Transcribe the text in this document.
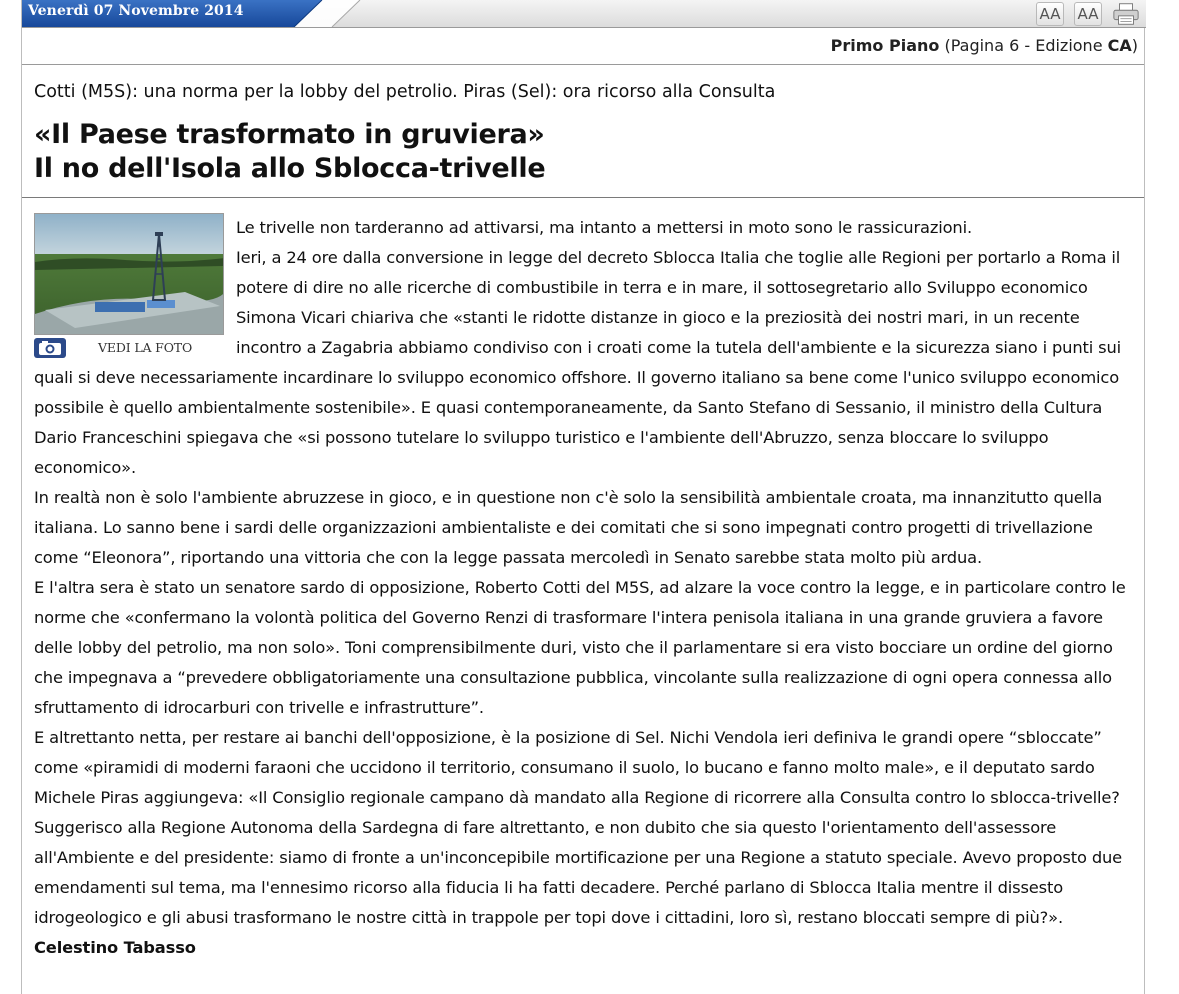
Venerdì 07 Novembre 2014	AA AA
Primo Piano (Pagina 6 - Edizione CA)
Cotti (M5S): una norma per la lobby del petrolio. Piras (Sel): ora ricorso alla Consulta
«Il Paese trasformato in gruviera»
Il no dell'Isola allo Sblocca-trivelle
VEDI LA FOTO

Le trivelle non tarderanno ad attivarsi, ma intanto a mettersi in moto sono le rassicurazioni.

Ieri, a 24 ore dalla conversione in legge del decreto Sblocca Italia che toglie alle Regioni per portarlo a Roma il potere di dire no alle ricerche di combustibile in terra e in mare, il sottosegretario allo Sviluppo economico Simona Vicari chiariva che «stanti le ridotte distanze in gioco e la preziosità dei nostri mari, in un recente incontro a Zagabria abbiamo condiviso con i croati come la tutela dell'ambiente e la sicurezza siano i punti sui quali si deve necessariamente incardinare lo sviluppo economico offshore. Il governo italiano sa bene come l'unico sviluppo economico possibile è quello ambientalmente sostenibile». E quasi contemporaneamente, da Santo Stefano di Sessanio, il ministro della Cultura Dario Franceschini spiegava che «si possono tutelare lo sviluppo turistico e l'ambiente dell'Abruzzo, senza bloccare lo sviluppo economico».

In realtà non è solo l'ambiente abruzzese in gioco, e in questione non c'è solo la sensibilità ambientale croata, ma innanzitutto quella italiana. Lo sanno bene i sardi delle organizzazioni ambientaliste e dei comitati che si sono impegnati contro progetti di trivellazione come “Eleonora”, riportando una vittoria che con la legge passata mercoledì in Senato sarebbe stata molto più ardua.

E l'altra sera è stato un senatore sardo di opposizione, Roberto Cotti del M5S, ad alzare la voce contro la legge, e in particolare contro le norme che «confermano la volontà politica del Governo Renzi di trasformare l'intera penisola italiana in una grande gruviera a favore delle lobby del petrolio, ma non solo». Toni comprensibilmente duri, visto che il parlamentare si era visto bocciare un ordine del giorno che impegnava a “prevedere obbligatoriamente una consultazione pubblica, vincolante sulla realizzazione di ogni opera connessa allo sfruttamento di idrocarburi con trivelle e infrastrutture”.

E altrettanto netta, per restare ai banchi dell'opposizione, è la posizione di Sel. Nichi Vendola ieri definiva le grandi opere “sbloccate” come «piramidi di moderni faraoni che uccidono il territorio, consumano il suolo, lo bucano e fanno molto male», e il deputato sardo Michele Piras aggiungeva: «Il Consiglio regionale campano dà mandato alla Regione di ricorrere alla Consulta contro lo sblocca-trivelle? Suggerisco alla Regione Autonoma della Sardegna di fare altrettanto, e non dubito che sia questo l'orientamento dell'assessore all'Ambiente e del presidente: siamo di fronte a un'inconcepibile mortificazione per una Regione a statuto speciale. Avevo proposto due emendamenti sul tema, ma l'ennesimo ricorso alla fiducia li ha fatti decadere. Perché parlano di Sblocca Italia mentre il dissesto idrogeologico e gli abusi trasformano le nostre città in trappole per topi dove i cittadini, loro sì, restano bloccati sempre di più?».

Celestino Tabasso
